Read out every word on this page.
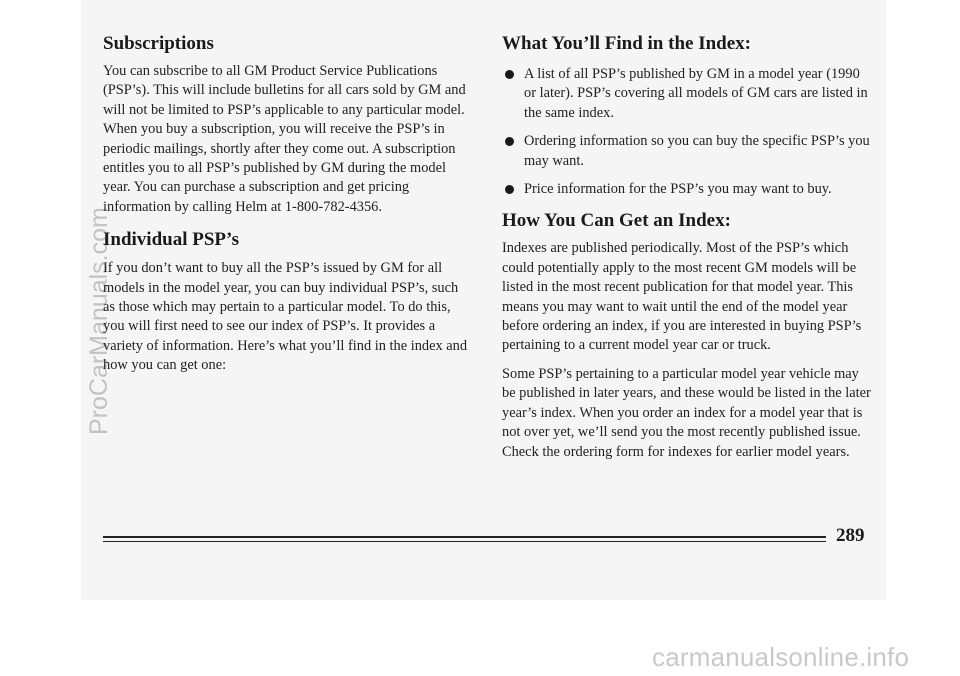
Subscriptions

You can subscribe to all GM Product Service Publications (PSP’s). This will include bulletins for all cars sold by GM and will not be limited to PSP’s applicable to any particular model. When you buy a subscription, you will receive the PSP’s in periodic mailings, shortly after they come out. A subscription entitles you to all PSP’s published by GM during the model year. You can purchase a subscription and get pricing information by calling Helm at 1-800-782-4356.

Individual PSP’s

If you don’t want to buy all the PSP’s issued by GM for all models in the model year, you can buy individual PSP’s, such as those which may pertain to a particular model. To do this, you will first need to see our index of PSP’s. It provides a variety of information. Here’s what you’ll find in the index and how you can get one:

What You’ll Find in the Index:
A list of all PSP’s published by GM in a model year (1990 or later). PSP’s covering all models of GM cars are listed in the same index.
Ordering information so you can buy the specific PSP’s you may want.
Price information for the PSP’s you may want to buy.
How You Can Get an Index:

Indexes are published periodically. Most of the PSP’s which could potentially apply to the most recent GM models will be listed in the most recent publication for that model year. This means you may want to wait until the end of the model year before ordering an index, if you are interested in buying PSP’s pertaining to a current model year car or truck.

Some PSP’s pertaining to a particular model year vehicle may be published in later years, and these would be listed in the later year’s index. When you order an index for a model year that is not over yet, we’ll send you the most recently published issue. Check the ordering form for indexes for earlier model years.

289
ProCarManuals.com
carmanualsonline.info
